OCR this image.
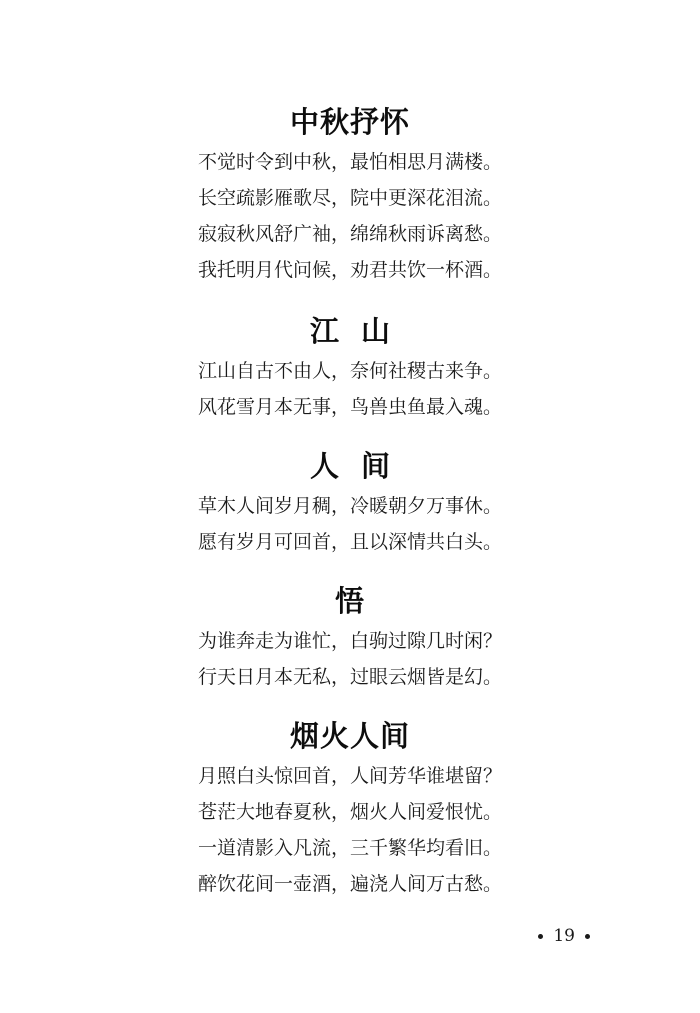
中秋抒怀
不觉时令到中秋，最怕相思月满楼。
长空疏影雁歌尽，院中更深花泪流。
寂寂秋风舒广袖，绵绵秋雨诉离愁。
我托明月代问候，劝君共饮一杯酒。
江山
江山自古不由人，奈何社稷古来争。
风花雪月本无事，鸟兽虫鱼最入魂。
人间
草木人间岁月稠，冷暖朝夕万事休。
愿有岁月可回首，且以深情共白头。
悟
为谁奔走为谁忙，白驹过隙几时闲？
行天日月本无私，过眼云烟皆是幻。
烟火人间
月照白头惊回首，人间芳华谁堪留？
苍茫大地春夏秋，烟火人间爱恨忧。
一道清影入凡流，三千繁华均看旧。
醉饮花间一壶酒，遍浇人间万古愁。
19
